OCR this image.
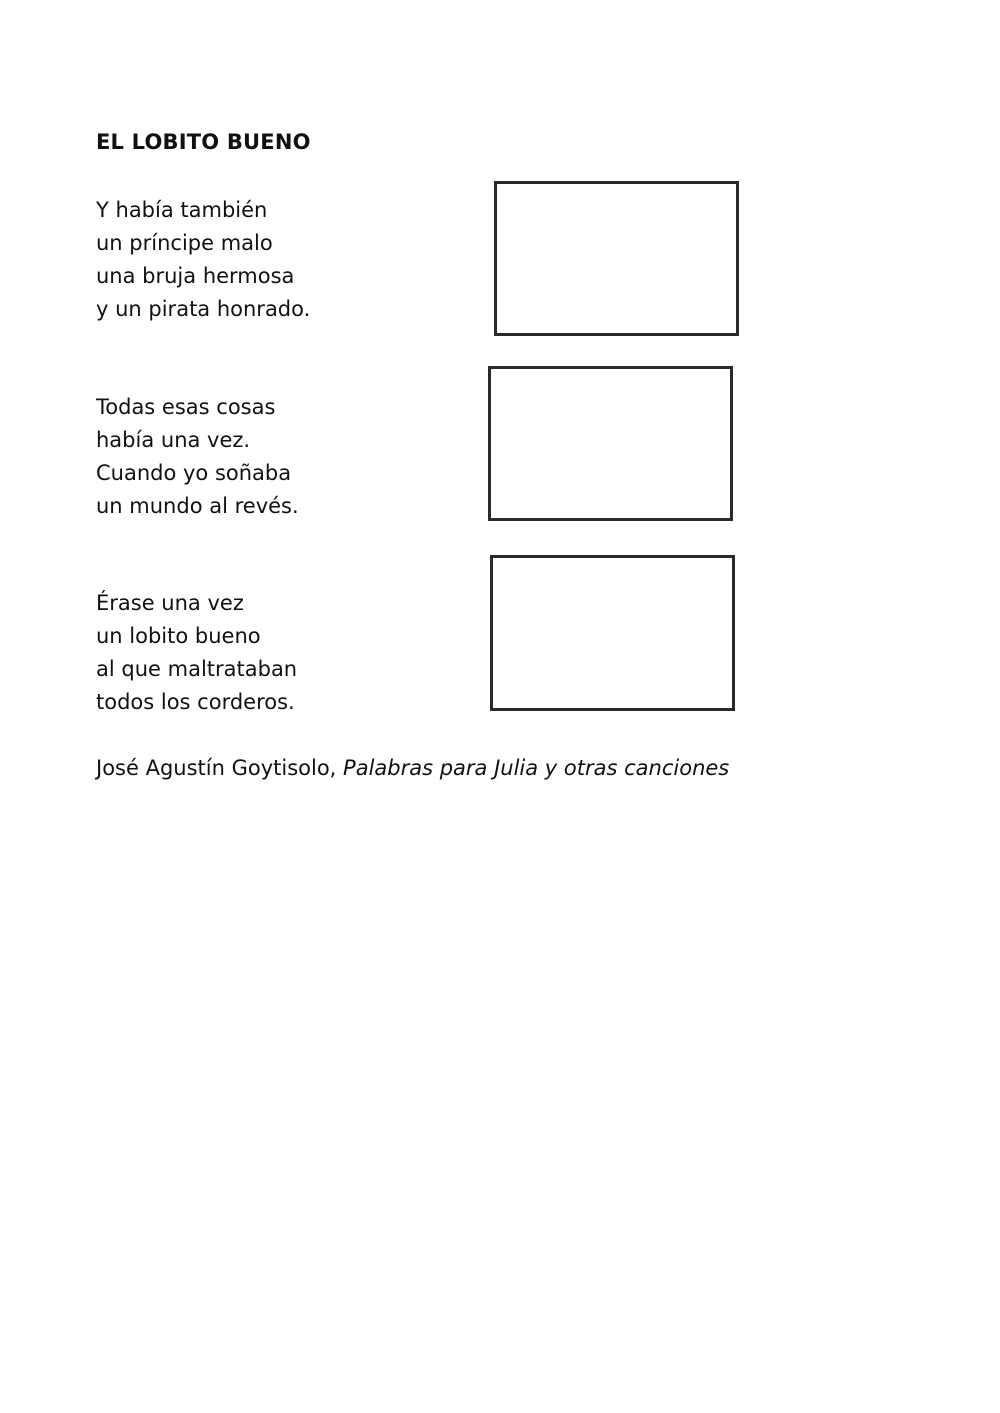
EL LOBITO BUENO
Y había también
un príncipe malo
una bruja hermosa
y un pirata honrado.
Todas esas cosas
había una vez.
Cuando yo soñaba
un mundo al revés.
Érase una vez
un lobito bueno
al que maltrataban
todos los corderos.
José Agustín Goytisolo, Palabras para Julia y otras canciones
